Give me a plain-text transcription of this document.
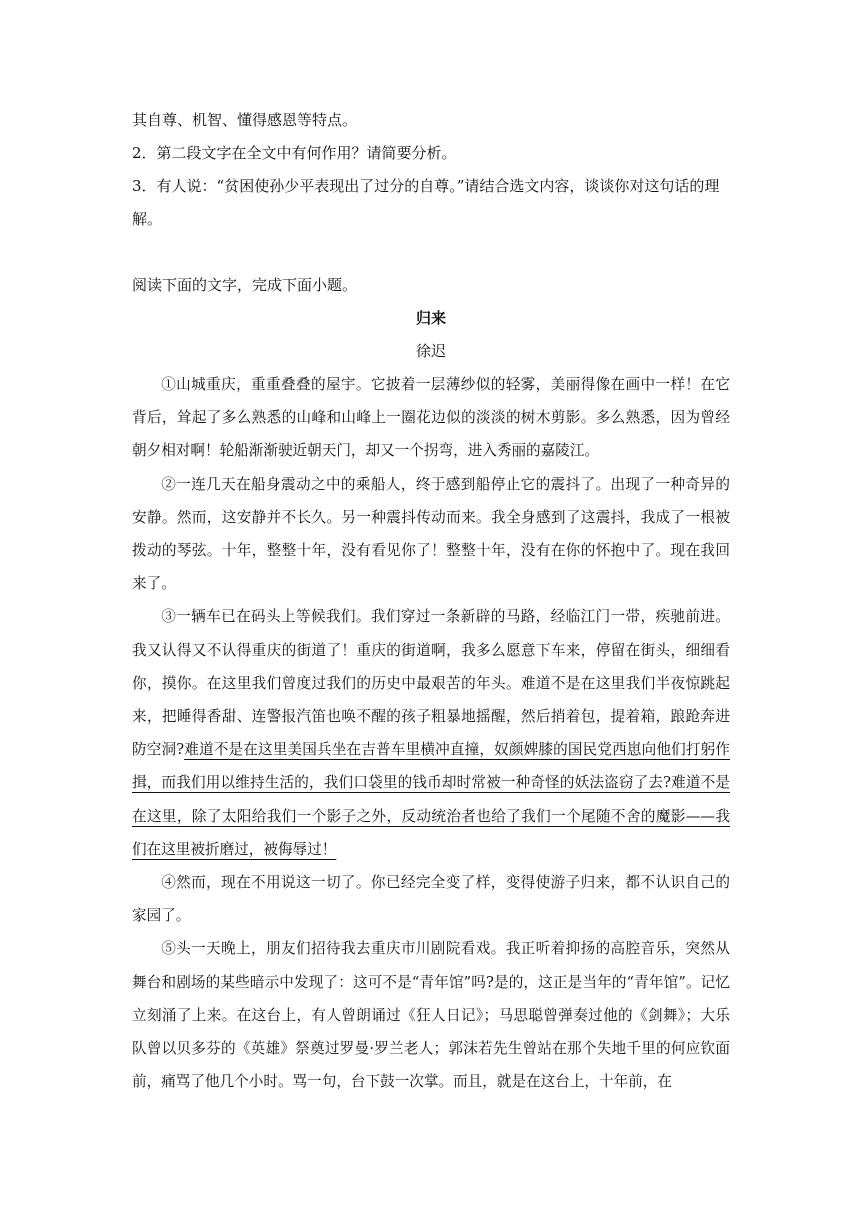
其自尊、机智、懂得感恩等特点。

2．第二段文字在全文中有何作用？请简要分析。

3．有人说：“贫困使孙少平表现出了过分的自尊。”请结合选文内容，谈谈你对这句话的理

解。

阅读下面的文字，完成下面小题。

归来

徐迟

①山城重庆，重重叠叠的屋宇。它披着一层薄纱似的轻雾，美丽得像在画中一样！在它背后，耸起了多么熟悉的山峰和山峰上一圈花边似的淡淡的树木剪影。多么熟悉，因为曾经朝夕相对啊！轮船渐渐驶近朝天门，却又一个拐弯，进入秀丽的嘉陵江。

②一连几天在船身震动之中的乘船人，终于感到船停止它的震抖了。出现了一种奇异的安静。然而，这安静并不长久。另一种震抖传动而来。我全身感到了这震抖，我成了一根被拨动的琴弦。十年，整整十年，没有看见你了！整整十年，没有在你的怀抱中了。现在我回来了。

③一辆车已在码头上等候我们。我们穿过一条新辟的马路，经临江门一带，疾驰前进。我又认得又不认得重庆的街道了！重庆的街道啊，我多么愿意下车来，停留在街头，细细看你，摸你。在这里我们曾度过我们的历史中最艰苦的年头。难道不是在这里我们半夜惊跳起来，把睡得香甜、连警报汽笛也唤不醒的孩子粗暴地摇醒，然后捎着包，提着箱，踉跄奔进防空洞?难道不是在这里美国兵坐在吉普车里横冲直撞，奴颜婢膝的国民党西崽向他们打躬作揖，而我们用以维持生活的，我们口袋里的钱币却时常被一种奇怪的妖法盗窃了去?难道不是在这里，除了太阳给我们一个影子之外，反动统治者也给了我们一个尾随不舍的魔影——我们在这里被折磨过，被侮辱过！

④然而，现在不用说这一切了。你已经完全变了样，变得使游子归来，都不认识自己的家园了。

⑤头一天晚上，朋友们招待我去重庆市川剧院看戏。我正听着抑扬的高腔音乐，突然从舞台和剧场的某些暗示中发现了：这可不是“青年馆”吗?是的，这正是当年的“青年馆”。记忆立刻涌了上来。在这台上，有人曾朗诵过《狂人日记》；马思聪曾弹奏过他的《剑舞》；大乐队曾以贝多芬的《英雄》祭奠过罗曼·罗兰老人；郭沫若先生曾站在那个失地千里的何应钦面前，痛骂了他几个小时。骂一句，台下鼓一次掌。而且，就是在这台上，十年前，在
